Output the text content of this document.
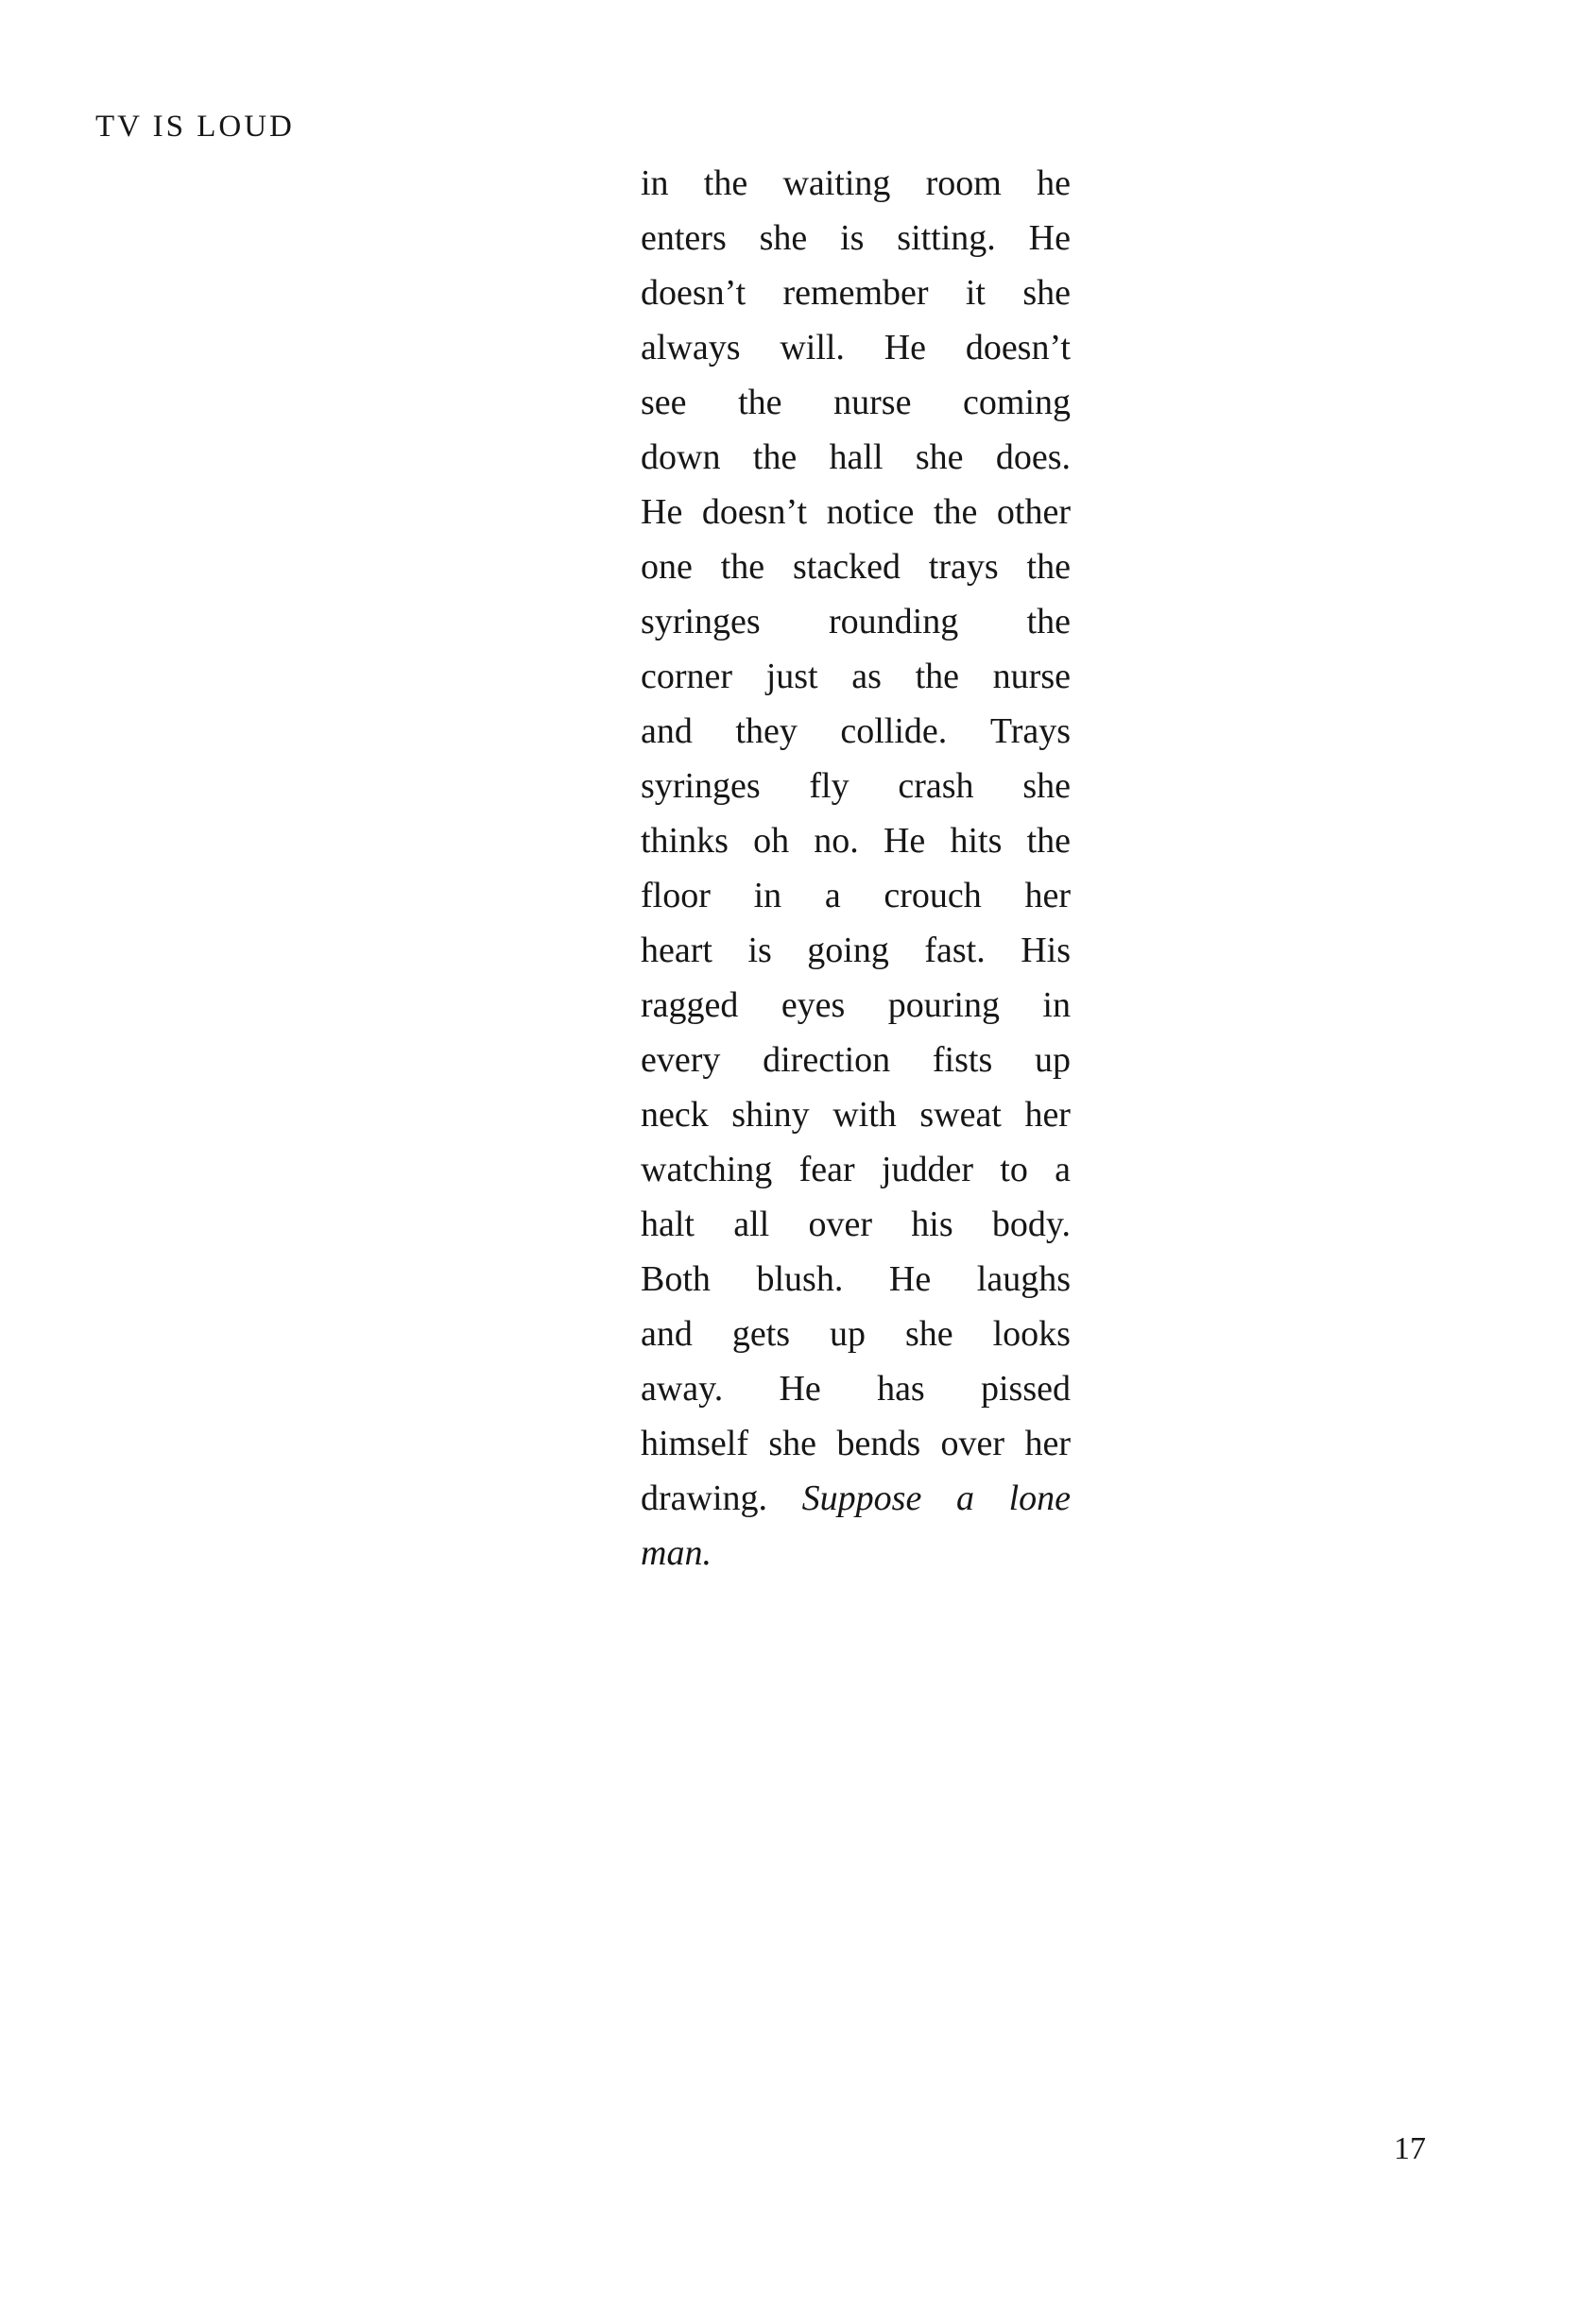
TV IS LOUD
in the waiting room he
enters she is sitting. He
doesn’t remember it she
always will. He doesn’t
see the nurse coming
down the hall she does.
He doesn’t notice the other
one the stacked trays the
syringes rounding the
corner just as the nurse
and they collide. Trays
syringes fly crash she
thinks oh no. He hits the
floor in a crouch her
heart is going fast. His
ragged eyes pouring in
every direction fists up
neck shiny with sweat her
watching fear judder to a
halt all over his body.
Both blush. He laughs
and gets up she looks
away. He has pissed
himself she bends over her
drawing. Suppose a lone
man.
17
